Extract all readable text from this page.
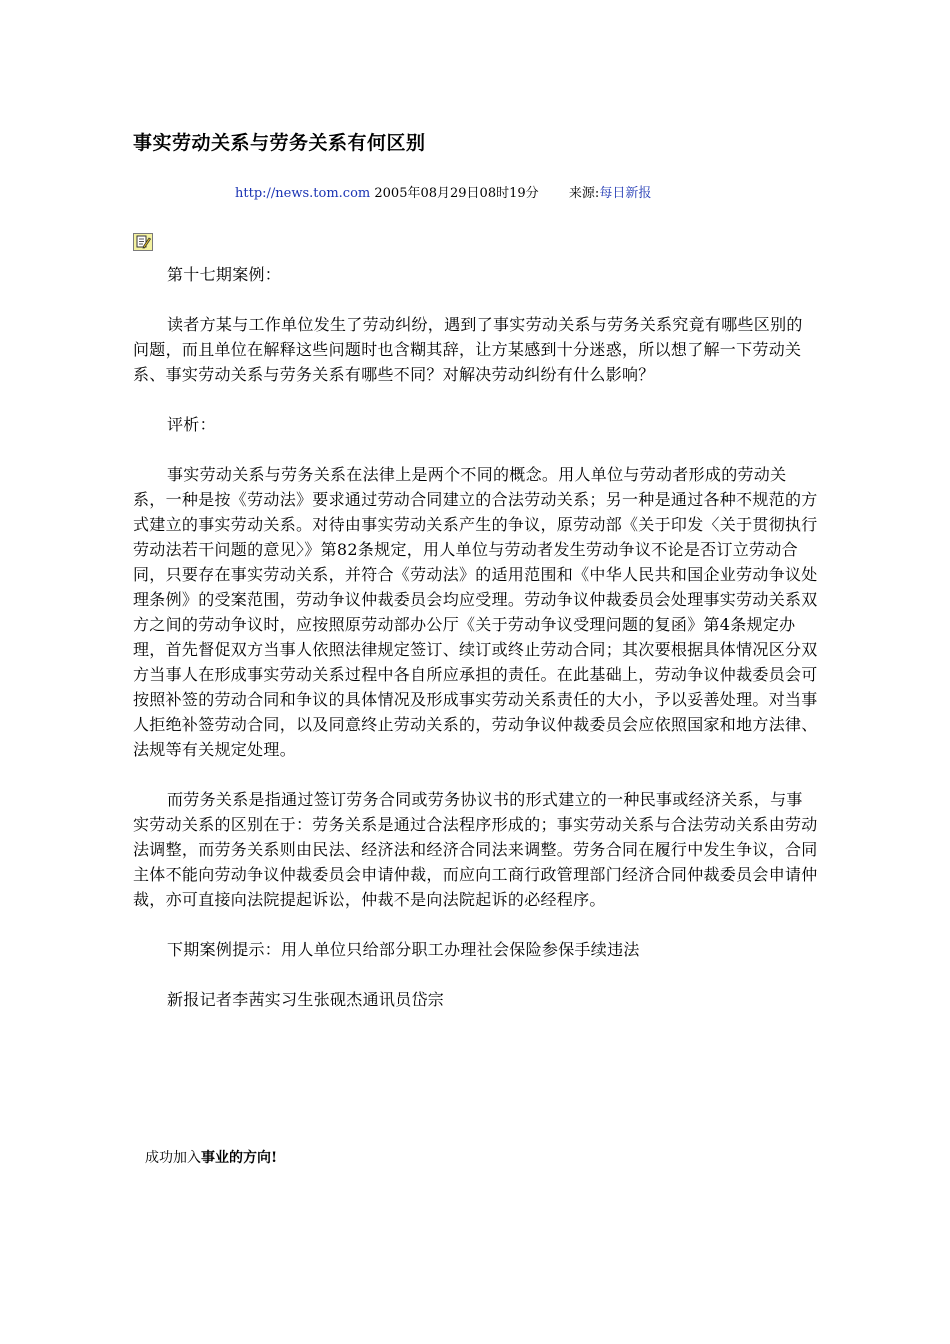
事实劳动关系与劳务关系有何区别
http://news.tom.com 2005年08月29日08时19分 来源:每日新报

第十七期案例：

读者方某与工作单位发生了劳动纠纷，遇到了事实劳动关系与劳务关系究竟有哪些区别的问题，而且单位在解释这些问题时也含糊其辞，让方某感到十分迷惑，所以想了解一下劳动关系、事实劳动关系与劳务关系有哪些不同？对解决劳动纠纷有什么影响？

评析：

事实劳动关系与劳务关系在法律上是两个不同的概念。用人单位与劳动者形成的劳动关系，一种是按《劳动法》要求通过劳动合同建立的合法劳动关系；另一种是通过各种不规范的方式建立的事实劳动关系。对待由事实劳动关系产生的争议，原劳动部《关于印发〈关于贯彻执行劳动法若干问题的意见〉》第82条规定，用人单位与劳动者发生劳动争议不论是否订立劳动合同，只要存在事实劳动关系，并符合《劳动法》的适用范围和《中华人民共和国企业劳动争议处理条例》的受案范围，劳动争议仲裁委员会均应受理。劳动争议仲裁委员会处理事实劳动关系双方之间的劳动争议时，应按照原劳动部办公厅《关于劳动争议受理问题的复函》第4条规定办理，首先督促双方当事人依照法律规定签订、续订或终止劳动合同；其次要根据具体情况区分双方当事人在形成事实劳动关系过程中各自所应承担的责任。在此基础上，劳动争议仲裁委员会可按照补签的劳动合同和争议的具体情况及形成事实劳动关系责任的大小，予以妥善处理。对当事人拒绝补签劳动合同，以及同意终止劳动关系的，劳动争议仲裁委员会应依照国家和地方法律、法规等有关规定处理。

而劳务关系是指通过签订劳务合同或劳务协议书的形式建立的一种民事或经济关系，与事实劳动关系的区别在于：劳务关系是通过合法程序形成的；事实劳动关系与合法劳动关系由劳动法调整，而劳务关系则由民法、经济法和经济合同法来调整。劳务合同在履行中发生争议，合同主体不能向劳动争议仲裁委员会申请仲裁，而应向工商行政管理部门经济合同仲裁委员会申请仲裁，亦可直接向法院提起诉讼，仲裁不是向法院起诉的必经程序。

下期案例提示：用人单位只给部分职工办理社会保险参保手续违法

新报记者李茜实习生张砚杰通讯员岱宗

成功加入事业的方向!
